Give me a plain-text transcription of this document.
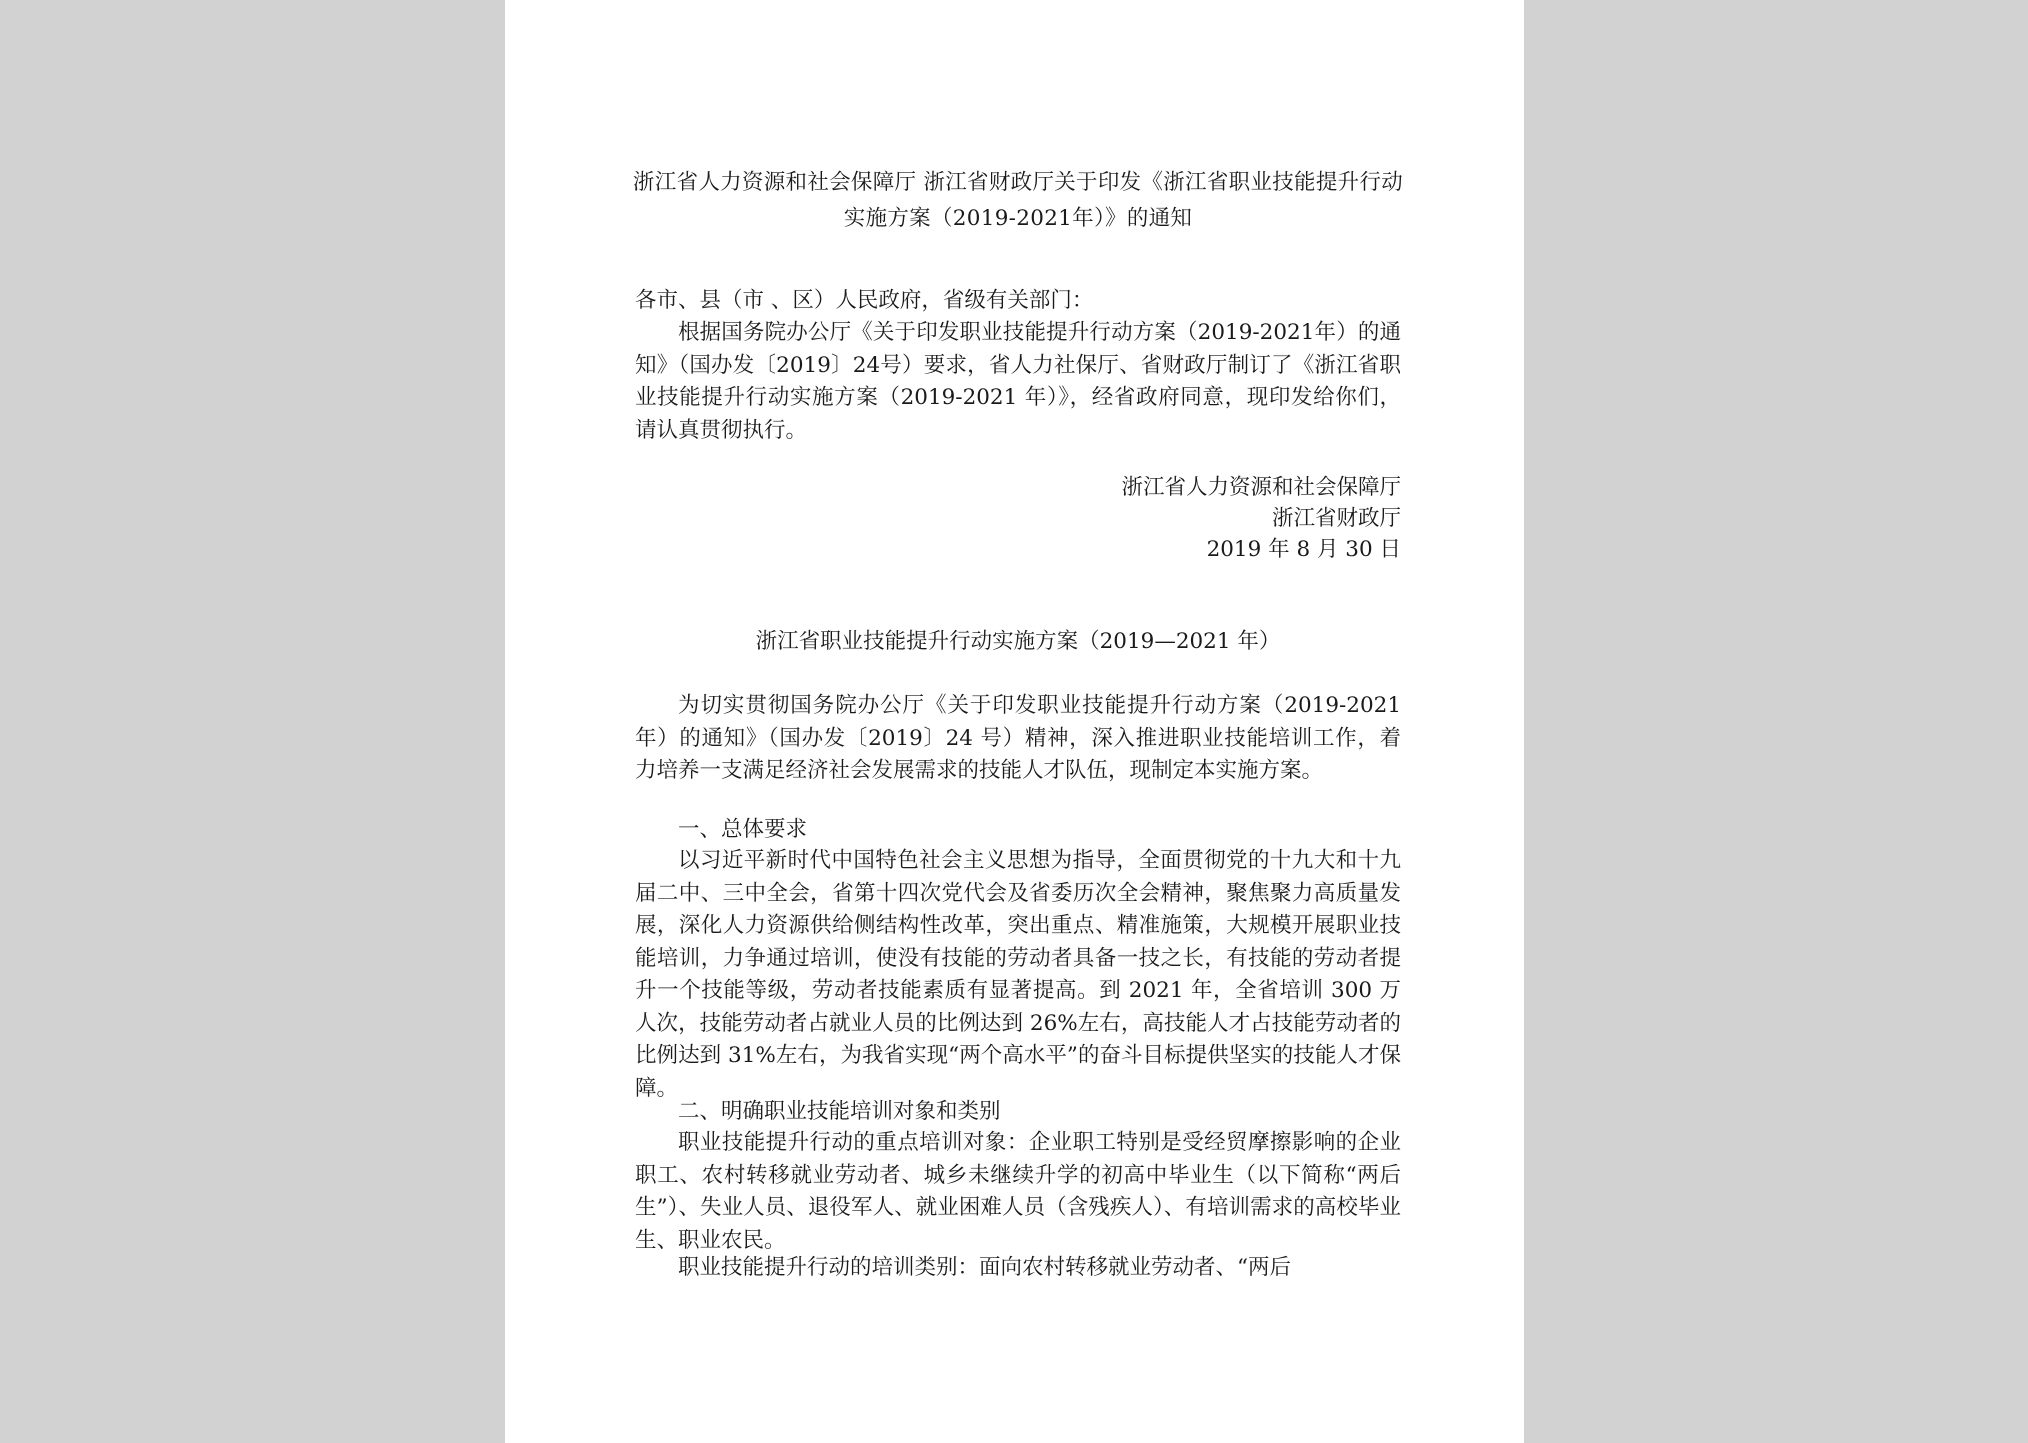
浙江省人力资源和社会保障厅 浙江省财政厅关于印发《浙江省职业技能提升行动实施方案（2019-2021年）》的通知
各市、县（市 、区）人民政府，省级有关部门：
根据国务院办公厅《关于印发职业技能提升行动方案（2019-2021年）的通知》（国办发〔2019〕24号）要求，省人力社保厅、省财政厅制订了《浙江省职业技能提升行动实施方案（2019-2021 年）》，经省政府同意，现印发给你们，请认真贯彻执行。
浙江省人力资源和社会保障厅
浙江省财政厅
2019 年 8 月 30 日
浙江省职业技能提升行动实施方案（2019—2021 年）
为切实贯彻国务院办公厅《关于印发职业技能提升行动方案（2019-2021 年）的通知》（国办发〔2019〕24 号）精神，深入推进职业技能培训工作，着力培养一支满足经济社会发展需求的技能人才队伍，现制定本实施方案。
一、总体要求
以习近平新时代中国特色社会主义思想为指导，全面贯彻党的十九大和十九届二中、三中全会，省第十四次党代会及省委历次全会精神，聚焦聚力高质量发展，深化人力资源供给侧结构性改革，突出重点、精准施策，大规模开展职业技能培训，力争通过培训，使没有技能的劳动者具备一技之长，有技能的劳动者提升一个技能等级，劳动者技能素质有显著提高。到 2021 年，全省培训 300 万人次，技能劳动者占就业人员的比例达到 26%左右，高技能人才占技能劳动者的比例达到 31%左右，为我省实现“两个高水平”的奋斗目标提供坚实的技能人才保障。
二、明确职业技能培训对象和类别
职业技能提升行动的重点培训对象：企业职工特别是受经贸摩擦影响的企业职工、农村转移就业劳动者、城乡未继续升学的初高中毕业生（以下简称“两后生”）、失业人员、退役军人、就业困难人员（含残疾人）、有培训需求的高校毕业生、职业农民。
职业技能提升行动的培训类别：面向农村转移就业劳动者、“两后
